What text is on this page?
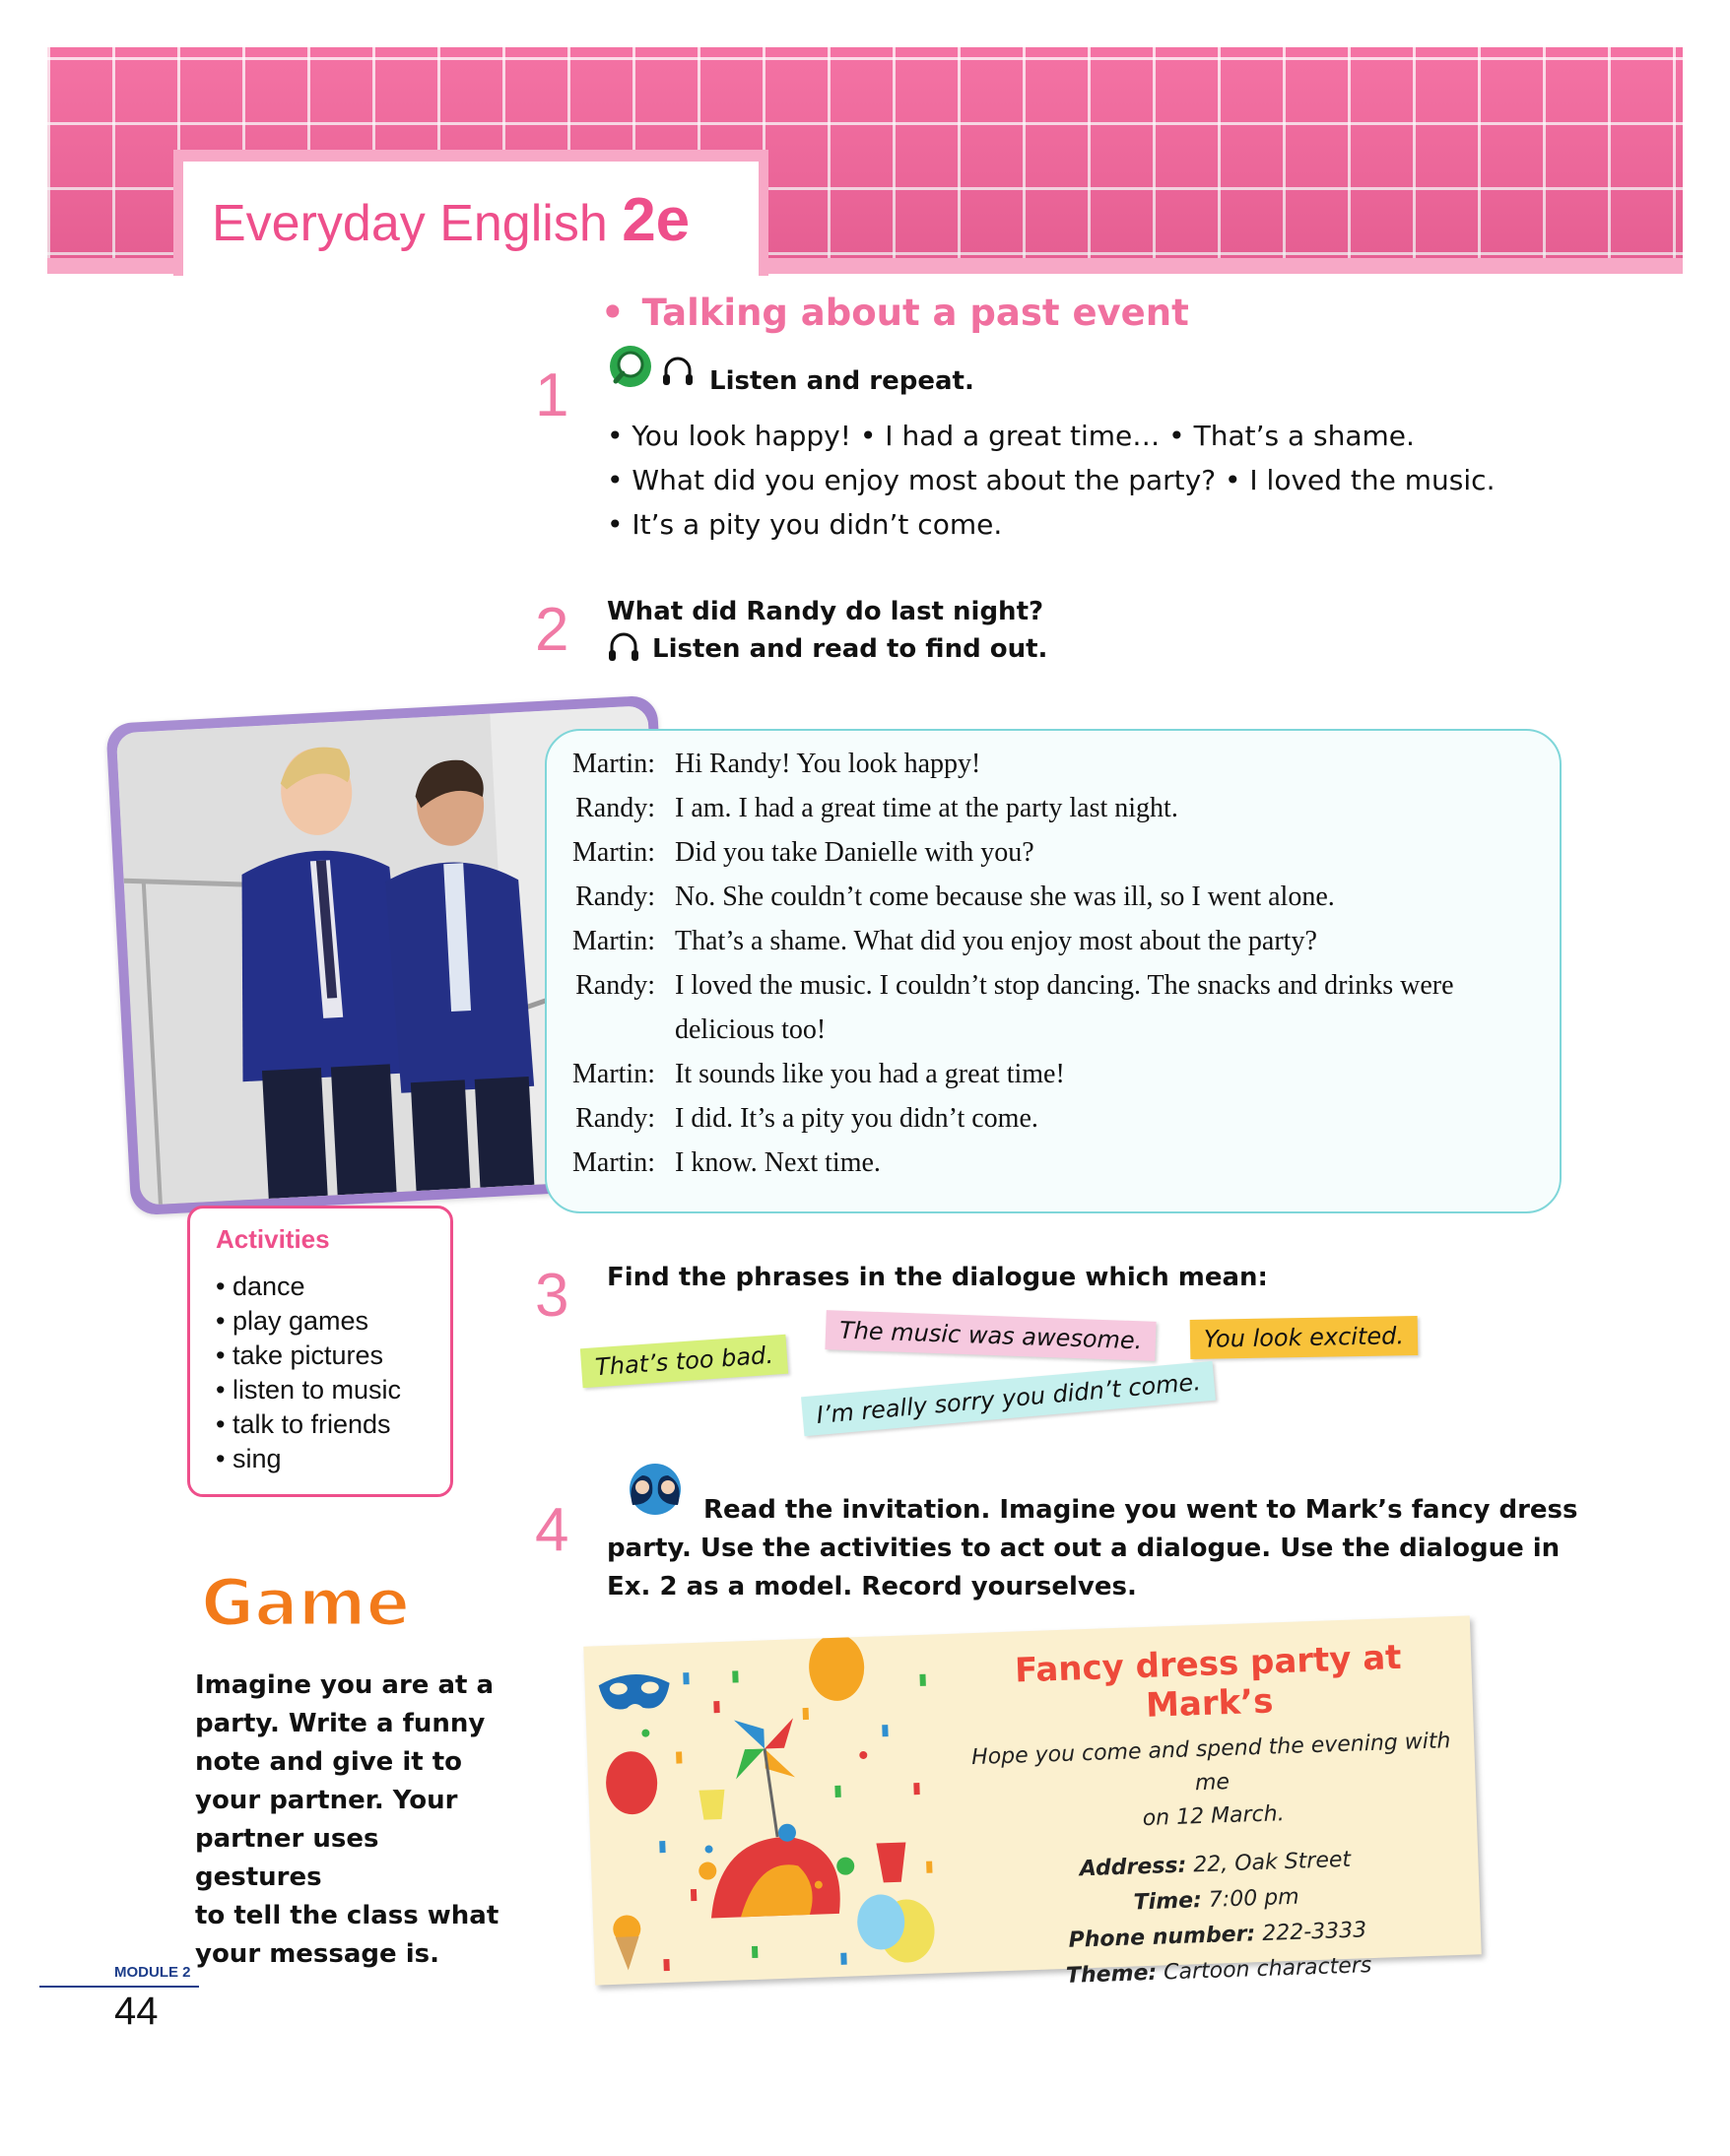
Everyday English 2e
• Talking about a past event
1	Listen and repeat.
• You look happy! • I had a great time… • That’s a shame.
• What did you enjoy most about the party? • I loved the music.
• It’s a pity you didn’t come.
2 What did Randy do last night?
Listen and read to find out.
Martin: Hi Randy! You look happy!
Randy: I am. I had a great time at the party last night.
Martin: Did you take Danielle with you?
Randy: No. She couldn’t come because she was ill, so I went alone.
Martin: That’s a shame. What did you enjoy most about the party?
Randy: I loved the music. I couldn’t stop dancing. The snacks and drinks were
delicious too!
Martin: It sounds like you had a great time!
Randy: I did. It’s a pity you didn’t come.
Martin: I know. Next time.
Activities
• dance
• play games
• take pictures
• listen to music
• talk to friends
• sing
3 Find the phrases in the dialogue which mean:
That’s too bad.
The music was awesome.	You look excited.
I’m really sorry you didn’t come.
4	Read the invitation. Imagine you went to Mark’s fancy dress
party. Use the activities to act out a dialogue. Use the dialogue in
Ex. 2 as a model. Record yourselves.
Game
Imagine you are at a
party. Write a funny
note and give it to
your partner. Your
partner uses gestures
to tell the class what
your message is.
Fancy dress party at Mark’s
Hope you come and spend the evening with me
on 12 March.
Address: 22, Oak Street
Time: 7:00 pm
Phone number: 222-3333
Theme: Cartoon characters
MODULE 2
44
